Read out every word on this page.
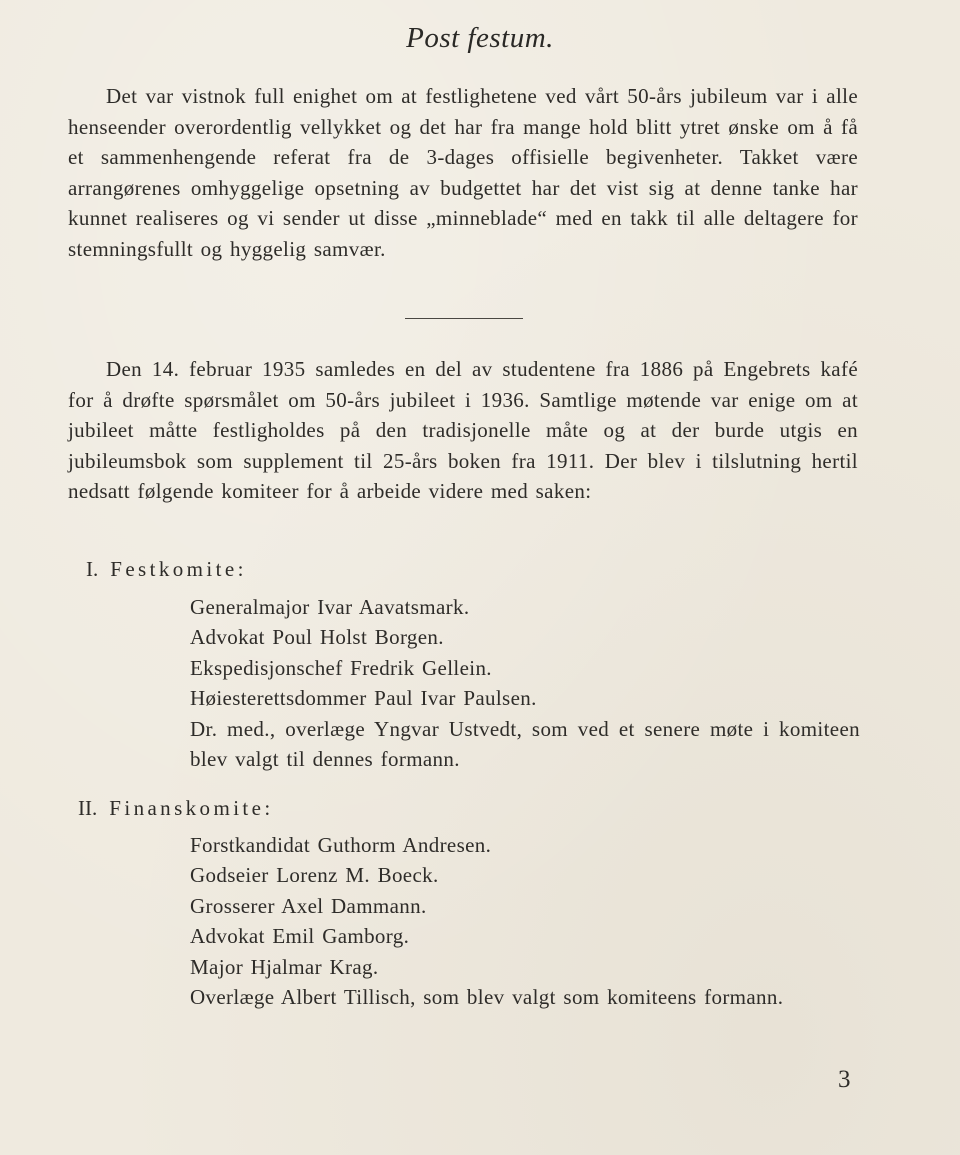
Post festum.

Det var vistnok full enighet om at festlighetene ved vårt 50-års jubileum var i alle henseender overordentlig vellykket og det har fra mange hold blitt ytret ønske om å få et sammenhengende referat fra de 3-dages offisielle begivenheter. Takket være arrangørenes omhyggelige opsetning av budgettet har det vist sig at denne tanke har kunnet realiseres og vi sender ut disse „minneblade“ med en takk til alle deltagere for stemningsfullt og hyggelig samvær.

Den 14. februar 1935 samledes en del av studentene fra 1886 på Engebrets kafé for å drøfte spørsmålet om 50-års jubileet i 1936. Samtlige møtende var enige om at jubileet måtte festligholdes på den tradisjonelle måte og at der burde utgis en jubileumsbok som supplement til 25-års boken fra 1911. Der blev i tilslutning hertil nedsatt følgende komiteer for å arbeide videre med saken:

I. Festkomite:
Generalmajor Ivar Aavatsmark.
Advokat Poul Holst Borgen.
Ekspedisjonschef Fredrik Gellein.
Høiesterettsdommer Paul Ivar Paulsen.
Dr. med., overlæge Yngvar Ustvedt, som ved et senere møte i komiteen blev valgt til dennes formann.
II. Finanskomite:
Forstkandidat Guthorm Andresen.
Godseier Lorenz M. Boeck.
Grosserer Axel Dammann.
Advokat Emil Gamborg.
Major Hjalmar Krag.
Overlæge Albert Tillisch, som blev valgt som komiteens formann.
3
